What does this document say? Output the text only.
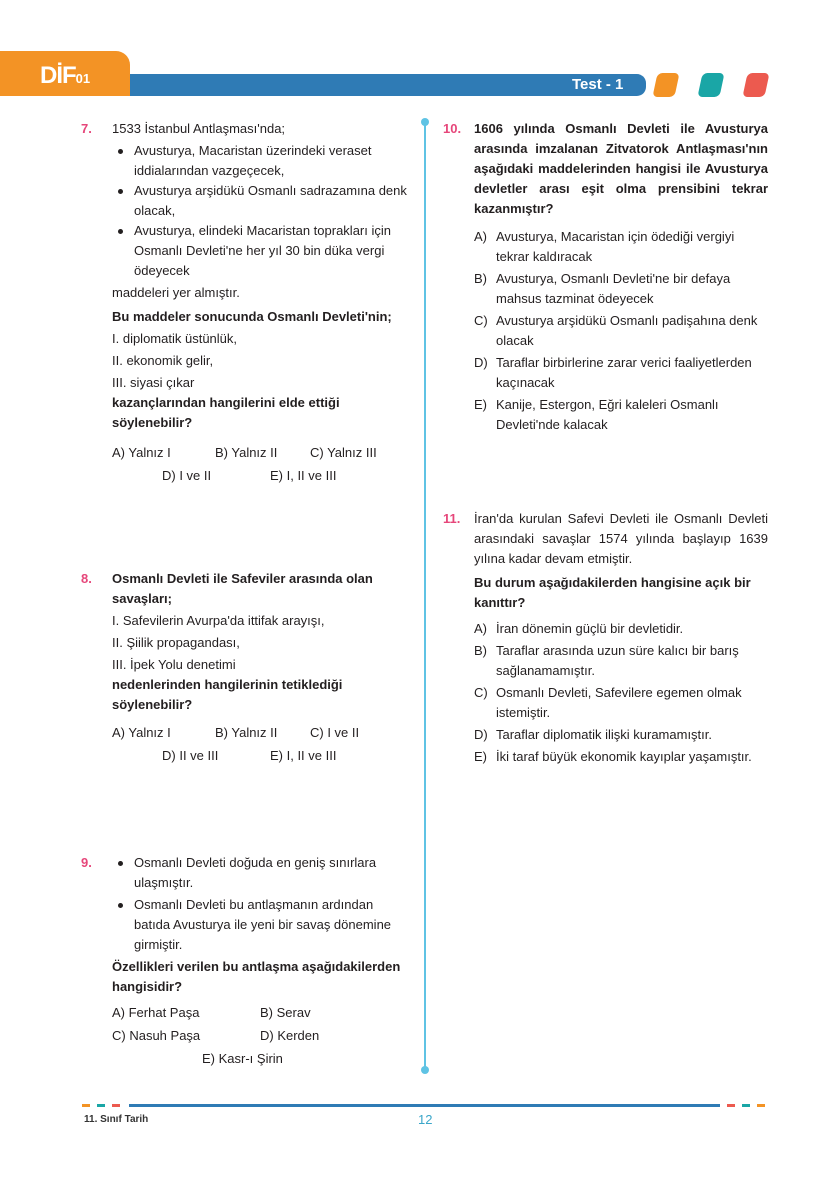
DİF01	Test - 1
7. 1533 İstanbul Antlaşması'nda;
Avusturya, Macaristan üzerindeki veraset iddialarından vazgeçecek,
Avusturya arşidükü Osmanlı sadrazamına denk olacak,
Avusturya, elindeki Macaristan toprakları için Osmanlı Devleti'ne her yıl 30 bin düka vergi ödeyecek
maddeleri yer almıştır.
Bu maddeler sonucunda Osmanlı Devleti'nin;
I. diplomatik üstünlük,
II. ekonomik gelir,
III. siyasi çıkar
kazançlarından hangilerini elde ettiği söylenebilir?
A) Yalnız I	B) Yalnız II	C) Yalnız III
D) I ve II	E) I, II ve III
8. Osmanlı Devleti ile Safeviler arasında olan savaşları;
I. Safevilerin Avurpa'da ittifak arayışı,
II. Şiilik propagandası,
III. İpek Yolu denetimi
nedenlerinden hangilerinin tetiklediği söylenebilir?
A) Yalnız I	B) Yalnız II	C) I ve II
D) II ve III	E) I, II ve III
9.	Osmanlı Devleti doğuda en geniş sınırlara ulaşmıştır.
Osmanlı Devleti bu antlaşmanın ardından batıda Avusturya ile yeni bir savaş dönemine girmiştir.
Özellikleri verilen bu antlaşma aşağıdakilerden hangisidir?
A) Ferhat Paşa	B) Serav
C) Nasuh Paşa	D) Kerden
E) Kasr-ı Şirin
10. 1606 yılında Osmanlı Devleti ile Avusturya arasında imzalanan Zitvatorok Antlaşması'nın aşağıdaki maddelerinden hangisi ile Avusturya devletler arası eşit olma prensibini tekrar kazanmıştır?
A) Avusturya, Macaristan için ödediği vergiyi tekrar kaldıracak
B) Avusturya, Osmanlı Devleti'ne bir defaya mahsus tazminat ödeyecek
C) Avusturya arşidükü Osmanlı padişahına denk olacak
D) Taraflar birbirlerine zarar verici faaliyetlerden kaçınacak
E) Kanije, Estergon, Eğri kaleleri Osmanlı Devleti'nde kalacak
11. İran'da kurulan Safevi Devleti ile Osmanlı Devleti arasındaki savaşlar 1574 yılında başlayıp 1639 yılına kadar devam etmiştir.
Bu durum aşağıdakilerden hangisine açık bir kanıttır?
A) İran dönemin güçlü bir devletidir.
B) Taraflar arasında uzun süre kalıcı bir barış sağlanamamıştır.
C) Osmanlı Devleti, Safevilere egemen olmak istemiştir.
D) Taraflar diplomatik ilişki kuramamıştır.
E) İki taraf büyük ekonomik kayıplar yaşamıştır.
11. Sınıf Tarih	12
